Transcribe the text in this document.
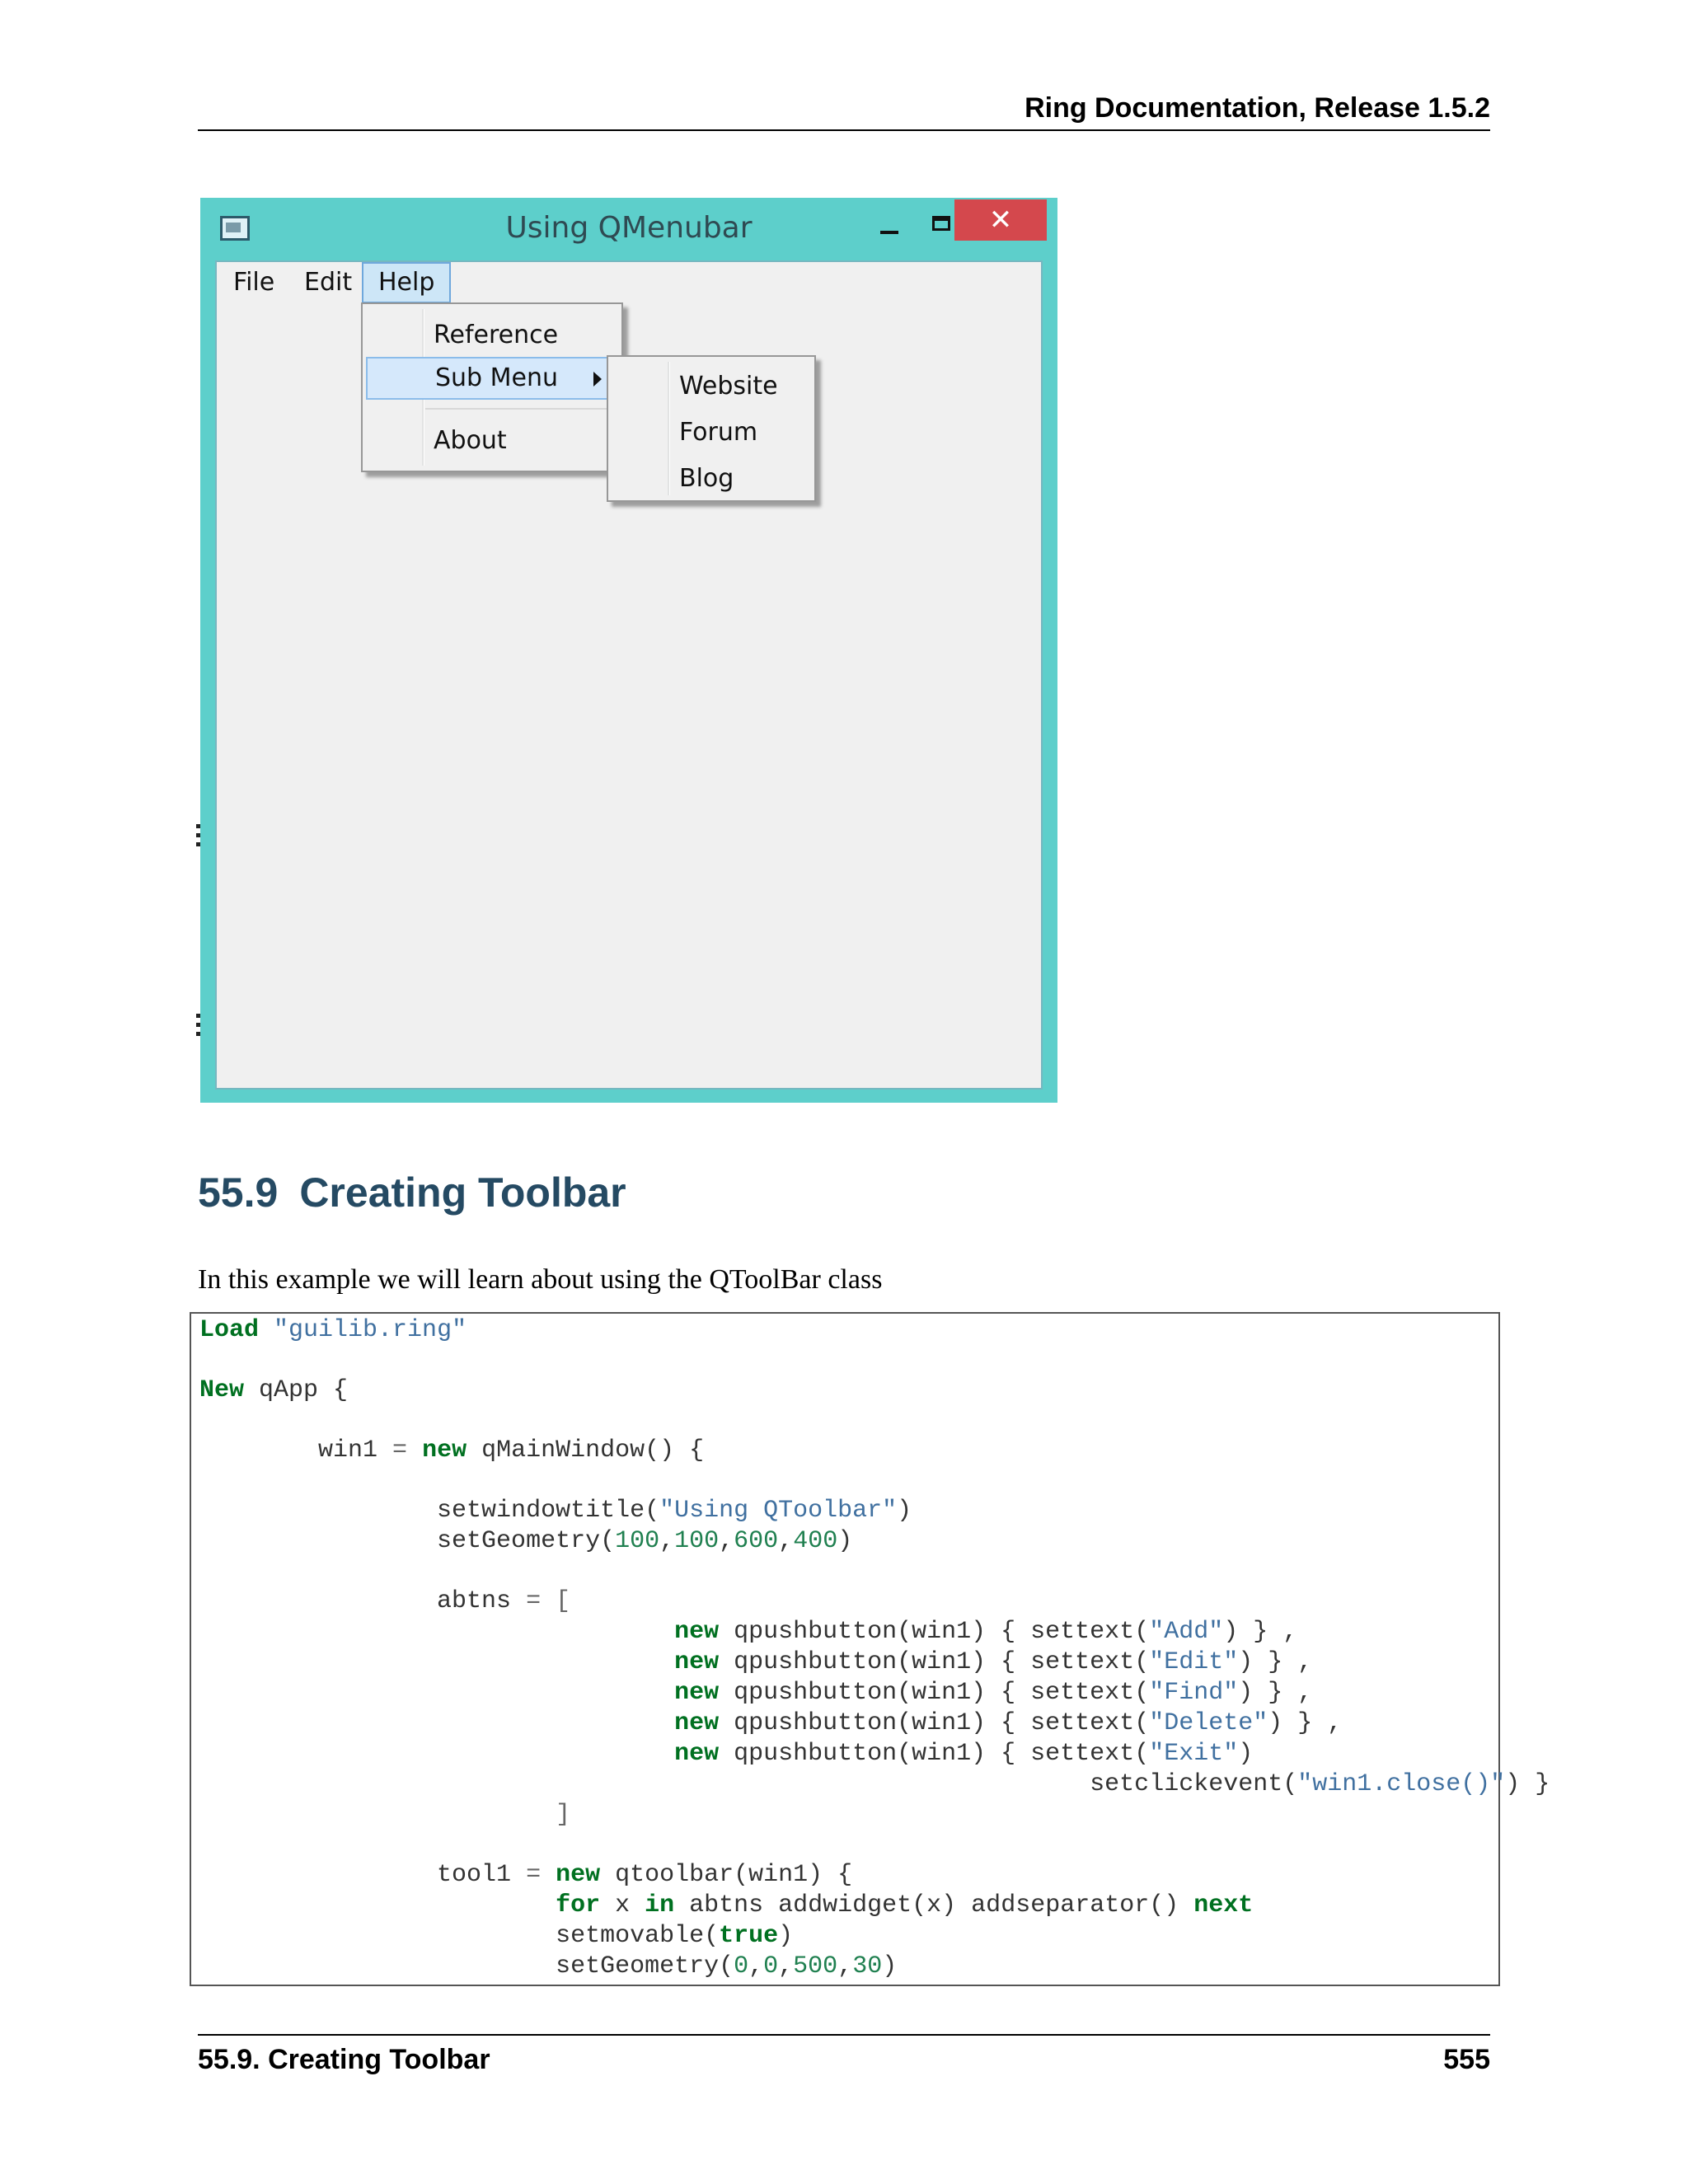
Ring Documentation, Release 1.5.2
Using QMenubar	✕
File	Edit	Help
Reference
Sub Menu
About
Website
Forum
Blog
55.9 Creating Toolbar
In this example we will learn about using the QToolBar class
Load "guilib.ring"
New qApp {
win1 = new qMainWindow() {
setwindowtitle("Using QToolbar")
setGeometry(100,100,600,400)
abtns = [
new qpushbutton(win1) { settext("Add") } ,
new qpushbutton(win1) { settext("Edit") } ,
new qpushbutton(win1) { settext("Find") } ,
new qpushbutton(win1) { settext("Delete") } ,
new qpushbutton(win1) { settext("Exit")
setclickevent("win1.close()") }
]
tool1 = new qtoolbar(win1) {
for x in abtns addwidget(x) addseparator() next
setmovable(true)
setGeometry(0,0,500,30)
55.9. Creating Toolbar	555
